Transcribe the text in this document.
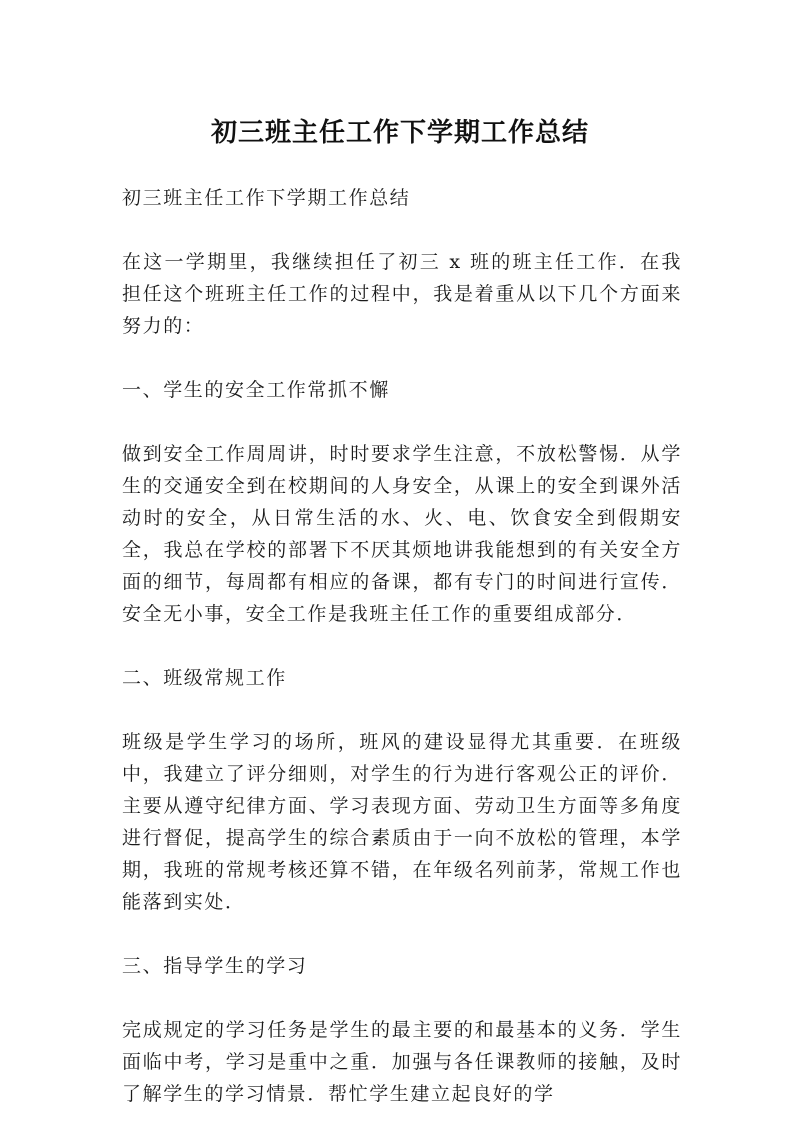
初三班主任工作下学期工作总结

初三班主任工作下学期工作总结

在这一学期里，我继续担任了初三 x 班的班主任工作．在我担任这个班班主任工作的过程中，我是着重从以下几个方面来努力的：

一、学生的安全工作常抓不懈

做到安全工作周周讲，时时要求学生注意，不放松警惕．从学生的交通安全到在校期间的人身安全，从课上的安全到课外活动时的安全，从日常生活的水、火、电、饮食安全到假期安全，我总在学校的部署下不厌其烦地讲我能想到的有关安全方面的细节，每周都有相应的备课，都有专门的时间进行宣传．安全无小事，安全工作是我班主任工作的重要组成部分．

二、班级常规工作

班级是学生学习的场所，班风的建设显得尤其重要．在班级中，我建立了评分细则，对学生的行为进行客观公正的评价．主要从遵守纪律方面、学习表现方面、劳动卫生方面等多角度进行督促，提高学生的综合素质由于一向不放松的管理，本学期，我班的常规考核还算不错，在年级名列前茅，常规工作也能落到实处．

三、指导学生的学习

完成规定的学习任务是学生的最主要的和最基本的义务．学生面临中考，学习是重中之重．加强与各任课教师的接触，及时了解学生的学习情景．帮忙学生建立起良好的学
